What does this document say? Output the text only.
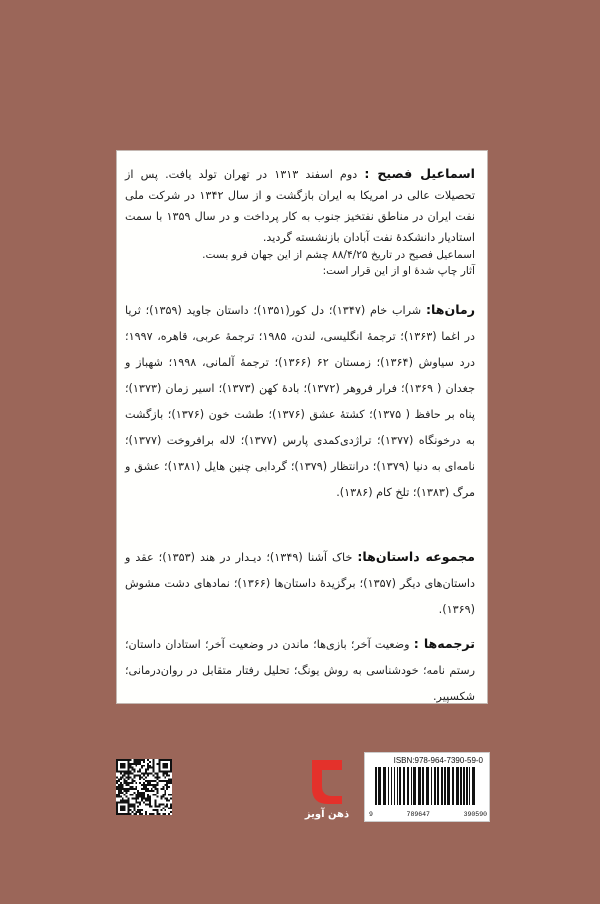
اسماعیل فصیح : دوم اسفند ۱۳۱۳ در تهران تولد یافت. پس از تحصیلات عالی در امریکا به ایران بازگشت و از سال ۱۳۴۲ در شرکت ملی نفت ایران در مناطق نفتخیز جنوب به کار پرداخت و در سال ۱۳۵۹ با سمت استادیار دانشکدهٔ نفت آبادان بازنشسته گردید.

اسماعیل فصیح در تاریخ ۸۸/۴/۲۵ چشم از این جهان فرو بست.

آثار چاپ شدهٔ او از این قرار است:

رمان‌ها: شراب خام (۱۳۴۷)؛ دل کور(۱۳۵۱)؛ داستان جاوید (۱۳۵۹)؛ ثریا در اغما (۱۳۶۳)؛ ترجمهٔ انگلیسی، لندن، ۱۹۸۵؛ ترجمهٔ عربی، قاهره، ۱۹۹۷؛ درد سیاوش (۱۳۶۴)؛ زمستان ۶۲ (۱۳۶۶)؛ ترجمهٔ آلمانی، ۱۹۹۸؛ شهباز و جغدان ( ۱۳۶۹)؛ فرار فروهر (۱۳۷۲)؛ بادهٔ کهن (۱۳۷۳)؛ اسیر زمان (۱۳۷۳)؛ پناه بر حافظ ( ۱۳۷۵)؛ کشتهٔ عشق (۱۳۷۶)؛ طشت خون (۱۳۷۶)؛ بازگشت به درخونگاه (۱۳۷۷)؛ تراژدی‌کمدی پارس (۱۳۷۷)؛ لاله برافروخت (۱۳۷۷)؛ نامه‌ای به دنیا (۱۳۷۹)؛ درانتظار (۱۳۷۹)؛ گردابی چنین هایل (۱۳۸۱)؛ عشق و مرگ (۱۳۸۳)؛ تلخ کام (۱۳۸۶).
مجموعه داستان‌ها: خاک آشنا (۱۳۴۹)؛ دیـدار در هند (۱۳۵۳)؛ عقد و داستان‌های دیگر (۱۳۵۷)؛ برگزیدهٔ داستان‌ها (۱۳۶۶)؛ نمادهای دشت مشوش (۱۳۶۹).
ترجمه‌ها : وضعیت آخر؛ بازی‌ها؛ ماندن در وضعیت آخر؛ استادان داستان؛ رستم نامه؛ خودشناسی به روش یونگ؛ تحلیل رفتار متقابل در روان‌درمانی؛ شکسپیر.
ذهن آویز
ISBN:978-964-7390-59-0
9	789647	390590
